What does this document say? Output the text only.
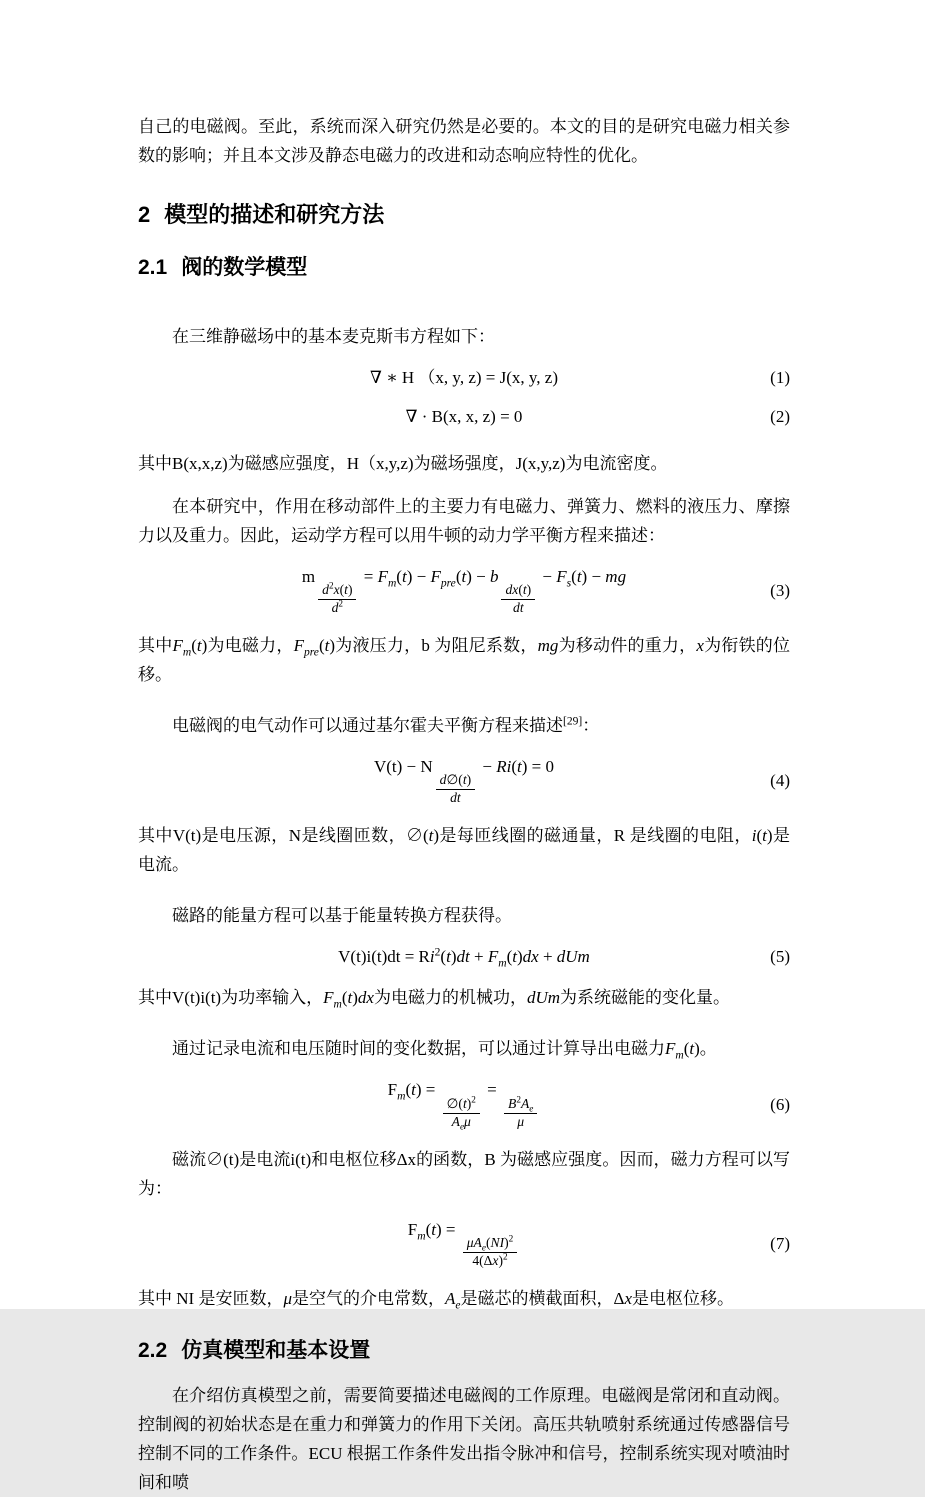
自己的电磁阀。至此，系统而深入研究仍然是必要的。本文的目的是研究电磁力相关参数的影响；并且本文涉及静态电磁力的改进和动态响应特性的优化。

2 模型的描述和研究方法
2.1 阀的数学模型

在三维静磁场中的基本麦克斯韦方程如下：

∇ ∗ H （x, y, z) = J(x, y, z)	(1)
∇ · B(x, x, z) = 0	(2)

其中B(x,x,z)为磁感应强度，H（x,y,z)为磁场强度，J(x,y,z)为电流密度。

在本研究中，作用在移动部件上的主要力有电磁力、弹簧力、燃料的液压力、摩擦力以及重力。因此，运动学方程可以用牛顿的动力学平衡方程来描述：

m
$\frac{d^2x(t)}{d^2}$
= $F_m(t) - F_{pre}(t) - b$
$\frac{dx(t)}{dt}$
− $F_s(t)$ − mg
(3)

其中$F_m(t)$为电磁力，$F_{pre}(t)$为液压力，b 为阻尼系数，mg为移动件的重力，x为衔铁的位移。

电磁阀的电气动作可以通过基尔霍夫平衡方程来描述[29]：

V(t) − N
$\frac{d\emptyset(t)}{dt}$
− Ri(t) = 0
(4)

其中V(t)是电压源，N是线圈匝数，∅(t)是每匝线圈的磁通量，R 是线圈的电阻，i(t)是电流。

磁路的能量方程可以基于能量转换方程获得。

$V(t)i(t)dt = Ri^2(t)dt + F_m(t)dx$ + dUm	(5)

其中V(t)i(t)为功率输入，$F_m(t)dx$为电磁力的机械功，dUm为系统磁能的变化量。

通过记录电流和电压随时间的变化数据，可以通过计算导出电磁力$F_m(t)$。

$F_m(t)$ =
$\frac{\emptyset(t)^2}{A_e\mu}$
=
$\frac{B^2A_e}{\mu}$	(6)

磁流∅(t)是电流i(t)和电枢位移Δx的函数，B 为磁感应强度。因而，磁力方程可以写为：

$F_m(t)$ =
$\frac{\mu A_e(NI)^2}{4(\Delta x)^2}$	(7)

其中 NI 是安匝数，μ是空气的介电常数，$A_e$是磁芯的横截面积，Δx是电枢位移。

2.2 仿真模型和基本设置

在介绍仿真模型之前，需要简要描述电磁阀的工作原理。电磁阀是常闭和直动阀。控制阀的初始状态是在重力和弹簧力的作用下关闭。高压共轨喷射系统通过传感器信号控制不同的工作条件。ECU 根据工作条件发出指令脉冲和信号，控制系统实现对喷油时间和喷
